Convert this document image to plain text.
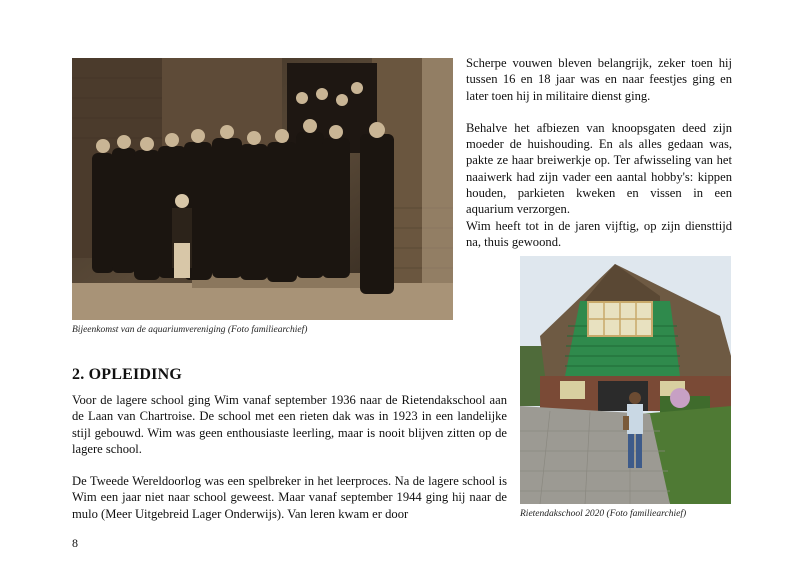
Bijeenkomst van de aquariumvereniging (Foto familiearchief)

Scherpe vouwen bleven belangrijk, zeker toen hij tussen 16 en 18 jaar was en naar feestjes ging en later toen hij in militaire dienst ging.

Behalve het afbiezen van knoopsgaten deed zijn moeder de huishouding. En als alles gedaan was, pakte ze haar breiwerkje op. Ter afwisseling van het naaiwerk had zijn vader een aantal hobby's: kippen houden, parkieten kweken en vissen in een aquarium verzorgen.

Wim heeft tot in de jaren vijftig, op zijn diensttijd na, thuis gewoond.

Rietendakschool 2020 (Foto familiearchief)
2. OPLEIDING

Voor de lagere school ging Wim vanaf september 1936 naar de Rietendakschool aan de Laan van Chartroise. De school met een rieten dak was in 1923 in een landelijke stijl gebouwd. Wim was geen enthousiaste leerling, maar is nooit blijven zitten op de lagere school.

De Tweede Wereldoorlog was een spelbreker in het leerproces. Na de lagere school is Wim een jaar niet naar school geweest. Maar vanaf september 1944 ging hij naar de mulo (Meer Uitgebreid Lager Onderwijs). Van leren kwam er door

8
